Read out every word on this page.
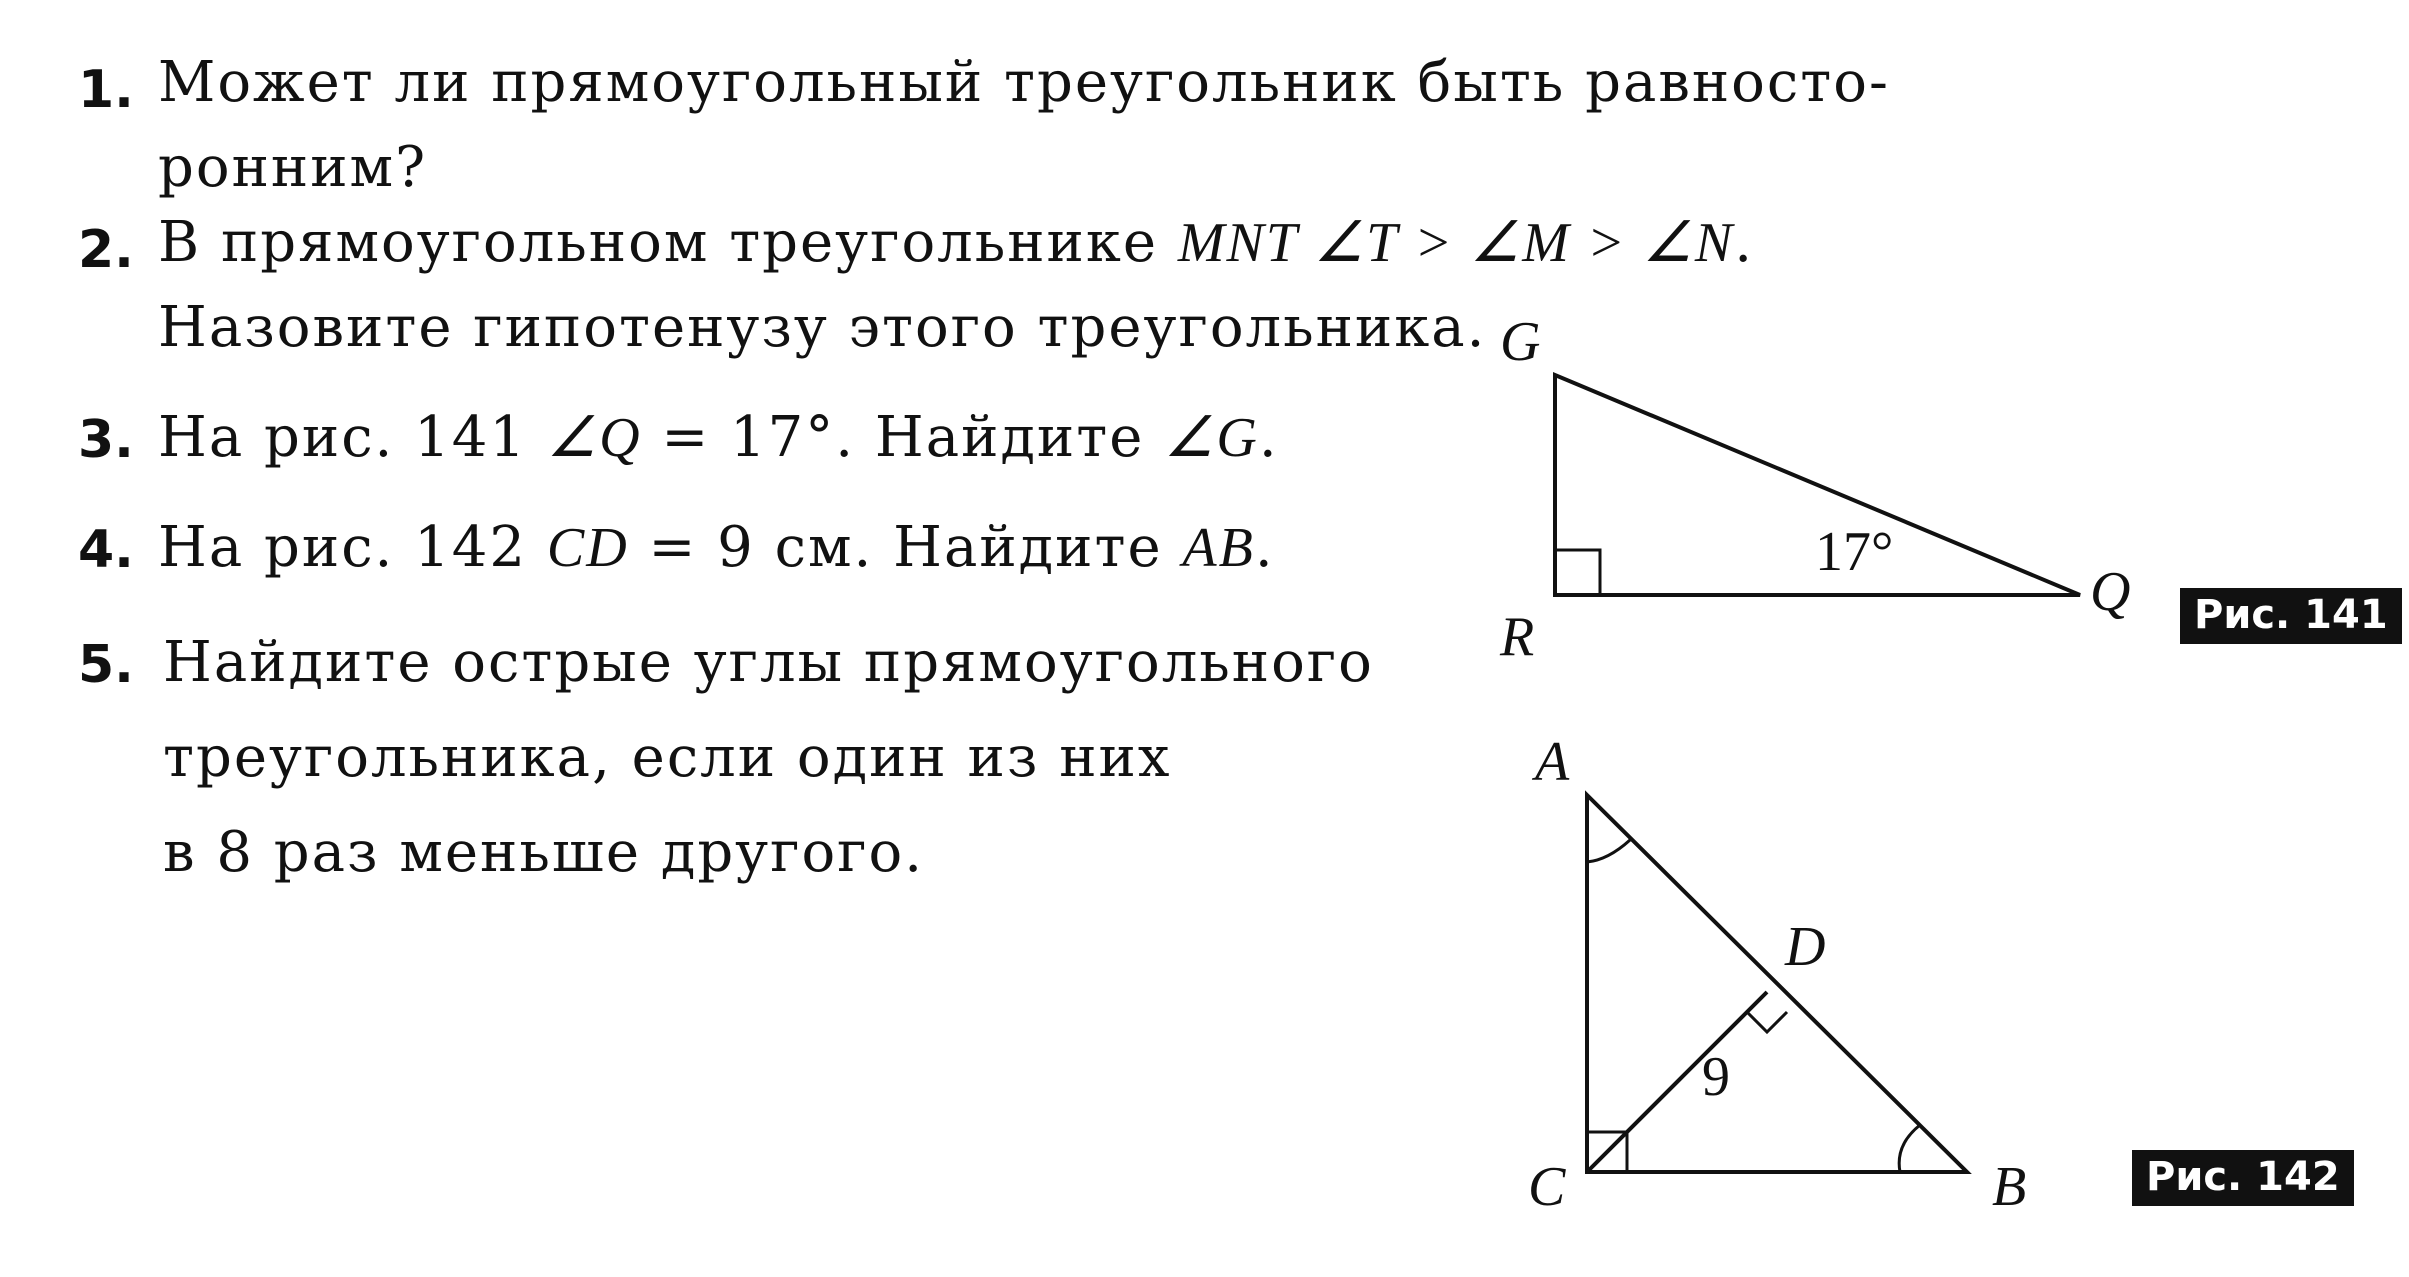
1. Может ли прямоугольный треугольник быть равносто-
ронним?
2. В прямоугольном треугольнике MNT ∠T > ∠M > ∠N.
Назовите гипотенузу этого треугольника.
3. На рис. 141 ∠Q = 17°. Найдите ∠G.
4. На рис. 142 CD = 9 см. Найдите AB.
5. Найдите острые углы прямоугольного
треугольника, если один из них
в 8 раз меньше другого.
G
R
Q
17°
Рис. 141
A
D
C	B
9
Рис. 142
